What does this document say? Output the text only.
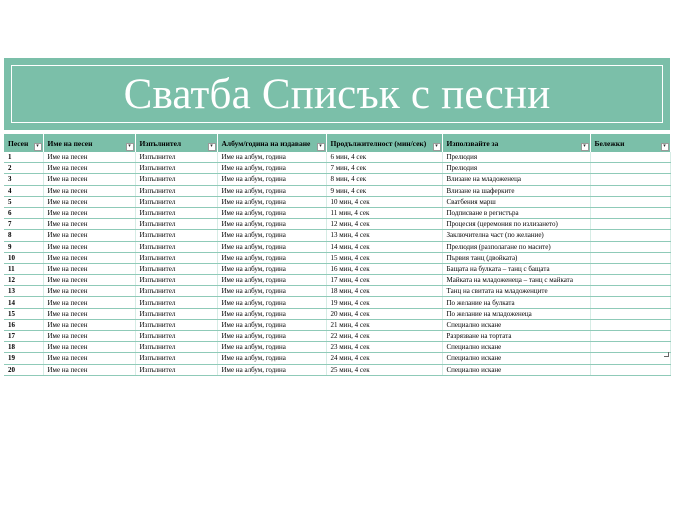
Сватба Списък с песни
Песен ▾	Име на песен ▾	Изпълнител ▾	Албум/година на издаване ▾	Продължителност (мин/сек) ▾	Използвайте за ▾	Бележки ▾

1	Име на песен	Изпълнител	Име на албум, година	6 мин, 4 сек	Прелюдия	
2	Име на песен	Изпълнител	Име на албум, година	7 мин, 4 сек	Прелюдия	
3	Име на песен	Изпълнител	Име на албум, година	8 мин, 4 сек	Влизане на младоженеца	
4	Име на песен	Изпълнител	Име на албум, година	9 мин, 4 сек	Влизане на шаферките	
5	Име на песен	Изпълнител	Име на албум, година	10 мин, 4 сек	Сватбения марш	
6	Име на песен	Изпълнител	Име на албум, година	11 мин, 4 сек	Подписване в регистъра	
7	Име на песен	Изпълнител	Име на албум, година	12 мин, 4 сек	Процесия (церемония по излизането)	
8	Име на песен	Изпълнител	Име на албум, година	13 мин, 4 сек	Заключителна част (по желание)	
9	Име на песен	Изпълнител	Име на албум, година	14 мин, 4 сек	Прелюдия (разполагане по масите)	
10	Име на песен	Изпълнител	Име на албум, година	15 мин, 4 сек	Първия танц (двойката)	
11	Име на песен	Изпълнител	Име на албум, година	16 мин, 4 сек	Бащата на булката – танц с бащата	
12	Име на песен	Изпълнител	Име на албум, година	17 мин, 4 сек	Майката на младоженеца – танц с майката	
13	Име на песен	Изпълнител	Име на албум, година	18 мин, 4 сек	Танц на свитата на младоженците	
14	Име на песен	Изпълнител	Име на албум, година	19 мин, 4 сек	По желание на булката	
15	Име на песен	Изпълнител	Име на албум, година	20 мин, 4 сек	По желание на младоженеца	
16	Име на песен	Изпълнител	Име на албум, година	21 мин, 4 сек	Специално искане	
17	Име на песен	Изпълнител	Име на албум, година	22 мин, 4 сек	Разрязване на тортата	
18	Име на песен	Изпълнител	Име на албум, година	23 мин, 4 сек	Специално искане	
19	Име на песен	Изпълнител	Име на албум, година	24 мин, 4 сек	Специално искане	
20	Име на песен	Изпълнител	Име на албум, година	25 мин, 4 сек	Специално искане	
